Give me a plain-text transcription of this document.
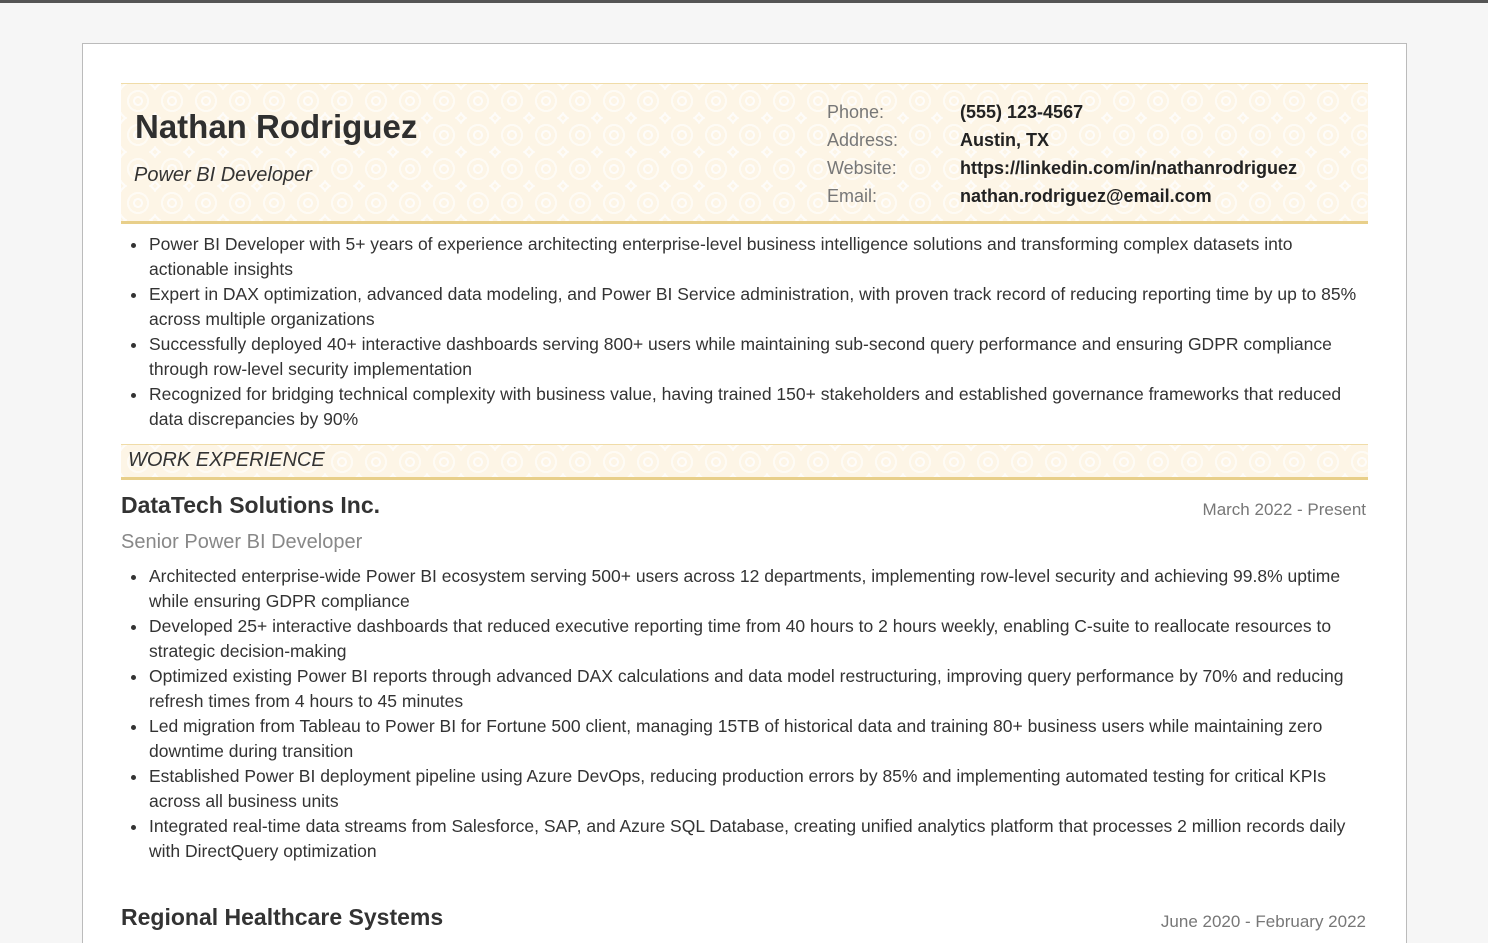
Nathan Rodriguez
Power BI Developer
Phone:	(555) 123-4567
Address:	Austin, TX
Website:	https://linkedin.com/in/nathanrodriguez
Email:	nathan.rodriguez@email.com
Power BI Developer with 5+ years of experience architecting enterprise-level business intelligence solutions and transforming complex datasets into actionable insights
Expert in DAX optimization, advanced data modeling, and Power BI Service administration, with proven track record of reducing reporting time by up to 85% across multiple organizations
Successfully deployed 40+ interactive dashboards serving 800+ users while maintaining sub-second query performance and ensuring GDPR compliance through row-level security implementation
Recognized for bridging technical complexity with business value, having trained 150+ stakeholders and established governance frameworks that reduced data discrepancies by 90%
WORK EXPERIENCE
DataTech Solutions Inc.	March 2022 - Present
Senior Power BI Developer
Architected enterprise-wide Power BI ecosystem serving 500+ users across 12 departments, implementing row-level security and achieving 99.8% uptime while ensuring GDPR compliance
Developed 25+ interactive dashboards that reduced executive reporting time from 40 hours to 2 hours weekly, enabling C-suite to reallocate resources to strategic decision-making
Optimized existing Power BI reports through advanced DAX calculations and data model restructuring, improving query performance by 70% and reducing refresh times from 4 hours to 45 minutes
Led migration from Tableau to Power BI for Fortune 500 client, managing 15TB of historical data and training 80+ business users while maintaining zero downtime during transition
Established Power BI deployment pipeline using Azure DevOps, reducing production errors by 85% and implementing automated testing for critical KPIs across all business units
Integrated real-time data streams from Salesforce, SAP, and Azure SQL Database, creating unified analytics platform that processes 2 million records daily with DirectQuery optimization
Regional Healthcare Systems	June 2020 - February 2022
